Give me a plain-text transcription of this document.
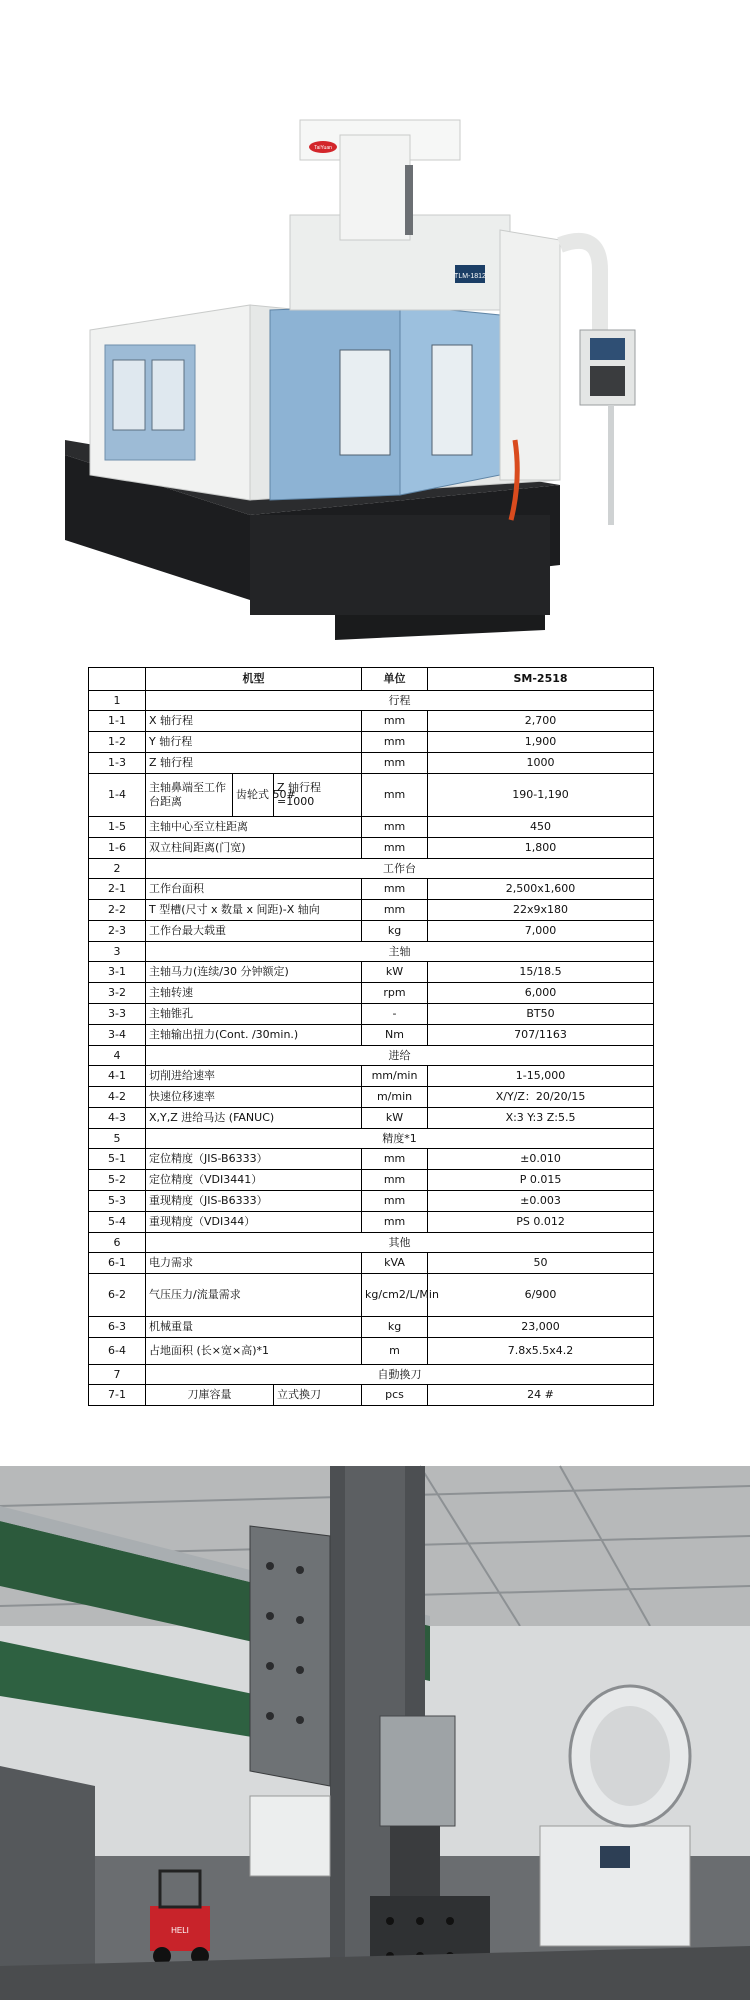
TLM-1812
TaiYuan
	机型			单位	SM-2518
1	行程				
1-1	X 轴行程			mm	2,700
1-2	Y 轴行程			mm	1,900
1-3	Z 轴行程			mm	1000
1-4	主轴鼻端至工作台距离	齿轮式 50#	Z 轴行程=1000	mm	190-1,190
1-5	主轴中心至立柱距离			mm	450
1-6	双立柱间距离(门宽)			mm	1,800
2	工作台				
2-1	工作台面积			mm	2,500x1,600
2-2	T 型槽(尺寸 x 数量 x 间距)-X 轴向			mm	22x9x180
2-3	工作台最大载重			kg	7,000
3	主轴				
3-1	主轴马力(连续/30 分钟额定)			kW	15/18.5
3-2	主轴转速			rpm	6,000
3-3	主轴锥孔			-	BT50
3-4	主轴输出扭力(Cont. /30min.)			Nm	707/1163
4	进给				
4-1	切削进给速率			mm/min	1-15,000
4-2	快速位移速率			m/min	X/Y/Z：20/20/15
4-3	X,Y,Z 进给马达 (FANUC)			kW	X:3 Y:3 Z:5.5
5	精度*1				
5-1	定位精度（JIS-B6333）			mm	±0.010
5-2	定位精度（VDI3441）			mm	P 0.015
5-3	重现精度（JIS-B6333）			mm	±0.003
5-4	重现精度（VDI344）			mm	PS 0.012
6	其他				
6-1	电力需求			kVA	50
6-2	气压压力/流量需求			kg/cm2/L/Min	6/900
6-3	机械重量			kg	23,000
6-4	占地面积 (长×宽×高)*1			m	7.8x5.5x4.2
7	自動換刀				
7-1	刀庫容量		立式換刀	pcs	24 #
HELI
